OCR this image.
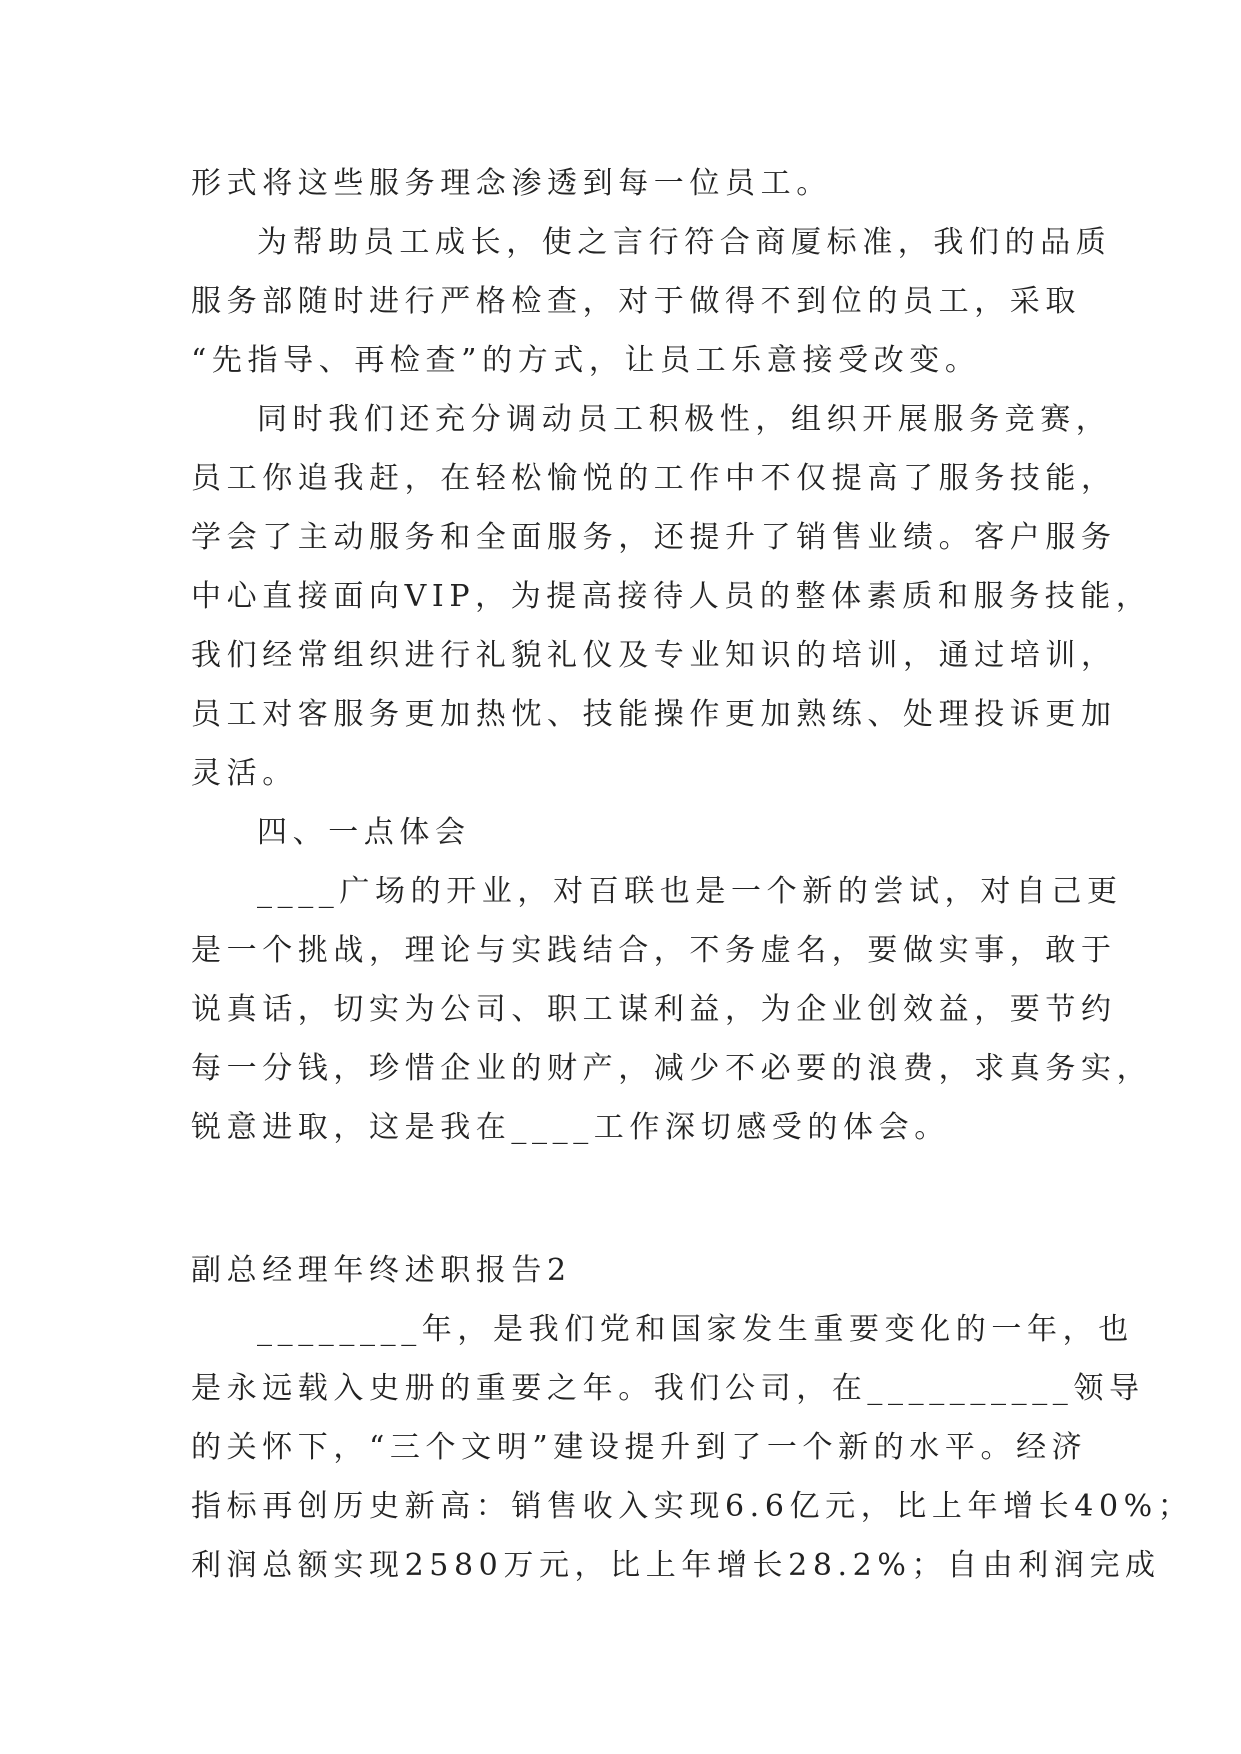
形式将这些服务理念渗透到每一位员工。
为帮助员工成长，使之言行符合商厦标准，我们的品质
服务部随时进行严格检查，对于做得不到位的员工，采取
“先指导、再检查”的方式，让员工乐意接受改变。
同时我们还充分调动员工积极性，组织开展服务竞赛，
员工你追我赶，在轻松愉悦的工作中不仅提高了服务技能，
学会了主动服务和全面服务，还提升了销售业绩。客户服务
中心直接面向VIP，为提高接待人员的整体素质和服务技能，
我们经常组织进行礼貌礼仪及专业知识的培训，通过培训，
员工对客服务更加热忱、技能操作更加熟练、处理投诉更加
灵活。
四、一点体会
____广场的开业，对百联也是一个新的尝试，对自己更
是一个挑战，理论与实践结合，不务虚名，要做实事，敢于
说真话，切实为公司、职工谋利益，为企业创效益，要节约
每一分钱，珍惜企业的财产，减少不必要的浪费，求真务实，
锐意进取，这是我在____工作深切感受的体会。
副总经理年终述职报告2
________年，是我们党和国家发生重要变化的一年，也
是永远载入史册的重要之年。我们公司，在__________领导
的关怀下，“三个文明”建设提升到了一个新的水平。经济
指标再创历史新高：销售收入实现6.6亿元，比上年增长40%；
利润总额实现2580万元，比上年增长28.2%；自由利润完成
